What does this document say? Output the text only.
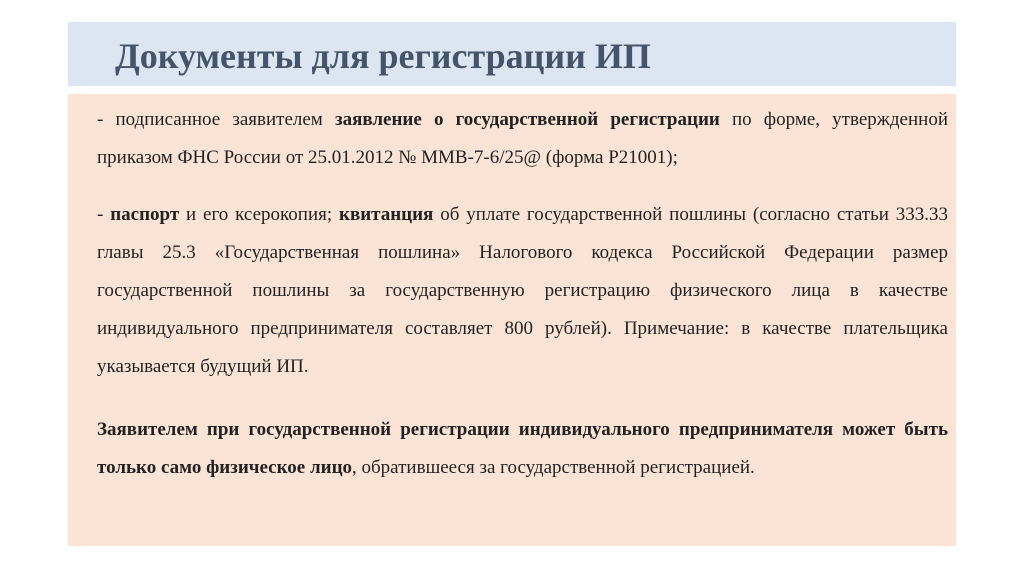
Документы для регистрации ИП
- подписанное заявителем заявление о государственной регистрации по форме, утвержденной приказом ФНС России от 25.01.2012 № ММВ-7-6/25@ (форма Р21001);
- паспорт и его ксерокопия; квитанция об уплате государственной пошлины (согласно статьи 333.33 главы 25.3 «Государственная пошлина» Налогового кодекса Российской Федерации размер государственной пошлины за государственную регистрацию физического лица в качестве индивидуального предпринимателя составляет 800 рублей). Примечание: в качестве плательщика указывается будущий ИП.
Заявителем при государственной регистрации индивидуального предпринимателя может быть только само физическое лицо, обратившееся за государственной регистрацией.
